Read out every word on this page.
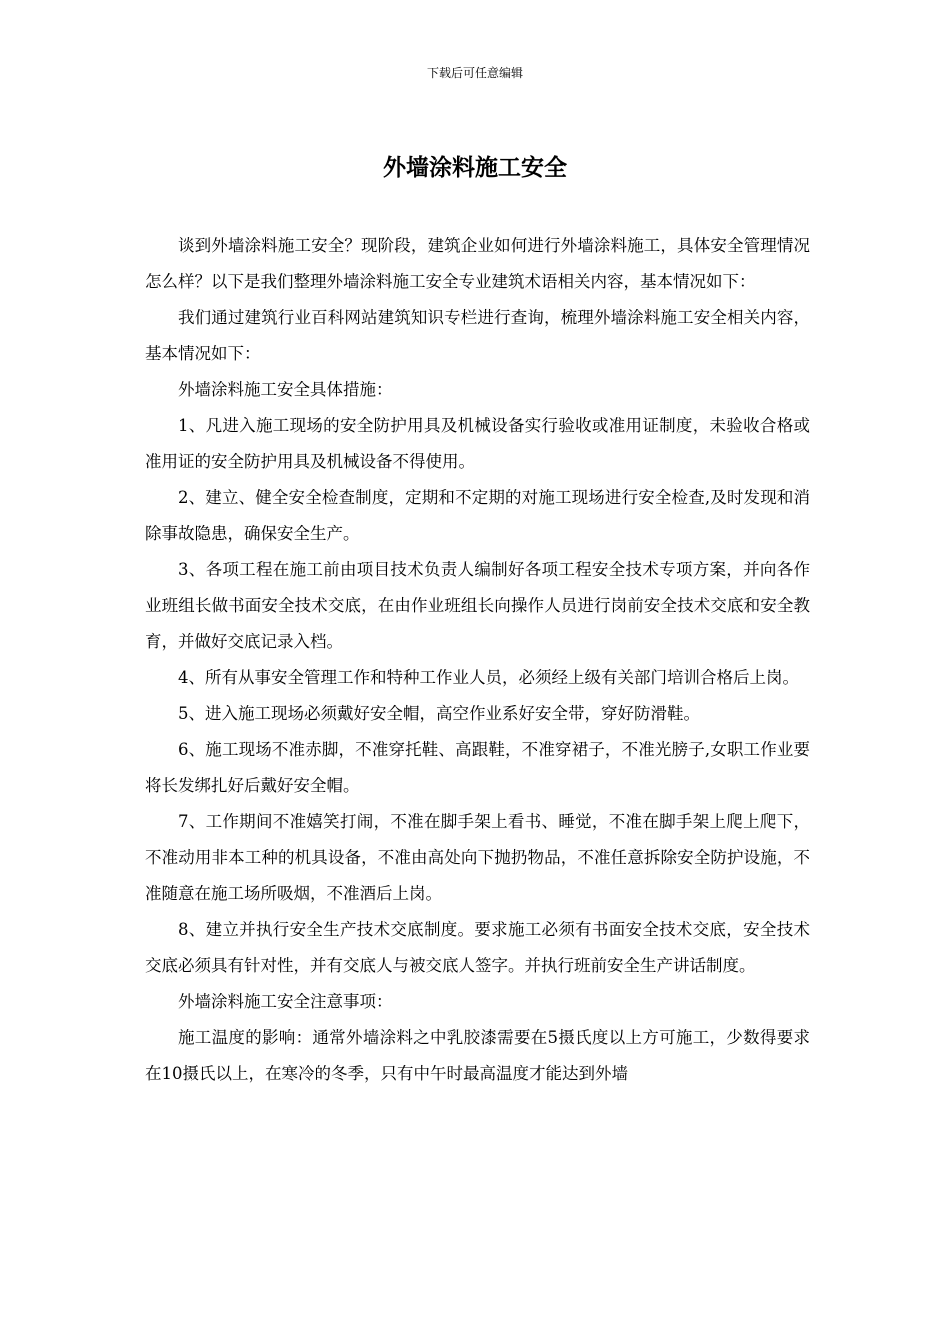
下载后可任意编辑
外墙涂料施工安全

谈到外墙涂料施工安全？现阶段，建筑企业如何进行外墙涂料施工，具体安全管理情况怎么样？以下是我们整理外墙涂料施工安全专业建筑术语相关内容，基本情况如下：

我们通过建筑行业百科网站建筑知识专栏进行查询，梳理外墙涂料施工安全相关内容，基本情况如下：

外墙涂料施工安全具体措施：

1、凡进入施工现场的安全防护用具及机械设备实行验收或准用证制度，未验收合格或准用证的安全防护用具及机械设备不得使用。

2、建立、健全安全检查制度，定期和不定期的对施工现场进行安全检查,及时发现和消除事故隐患，确保安全生产。

3、各项工程在施工前由项目技术负责人编制好各项工程安全技术专项方案，并向各作业班组长做书面安全技术交底，在由作业班组长向操作人员进行岗前安全技术交底和安全教育，并做好交底记录入档。

4、所有从事安全管理工作和特种工作业人员，必须经上级有关部门培训合格后上岗。

5、进入施工现场必须戴好安全帽，高空作业系好安全带，穿好防滑鞋。

6、施工现场不准赤脚，不准穿托鞋、高跟鞋，不准穿裙子，不准光膀子,女职工作业要将长发绑扎好后戴好安全帽。

7、工作期间不准嬉笑打闹，不准在脚手架上看书、睡觉，不准在脚手架上爬上爬下，不准动用非本工种的机具设备，不准由高处向下抛扔物品，不准任意拆除安全防护设施，不准随意在施工场所吸烟，不准酒后上岗。

8、建立并执行安全生产技术交底制度。要求施工必须有书面安全技术交底，安全技术交底必须具有针对性，并有交底人与被交底人签字。并执行班前安全生产讲话制度。

外墙涂料施工安全注意事项：

施工温度的影响：通常外墙涂料之中乳胶漆需要在5摄氏度以上方可施工，少数得要求在10摄氏以上，在寒冷的冬季，只有中午时最高温度才能达到外墙
